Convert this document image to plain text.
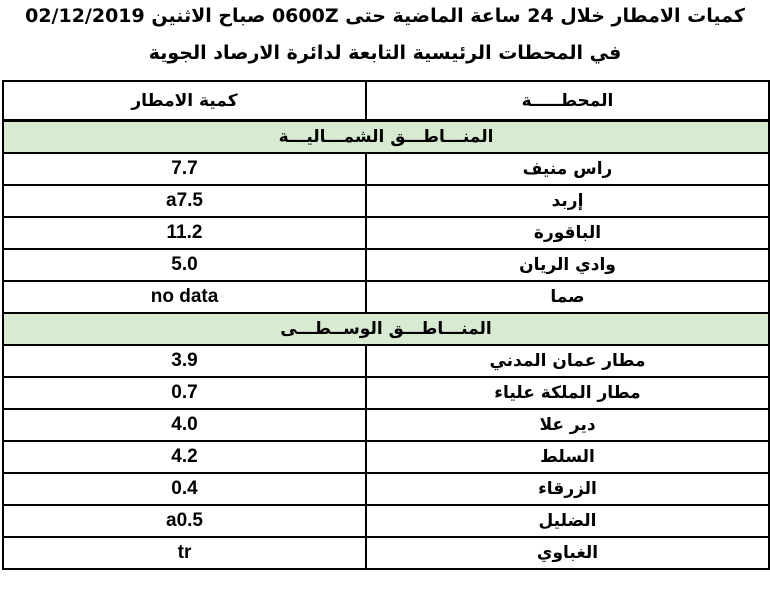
كميات الامطار خلال 24 ساعة الماضية حتى 0600Z صباح الاثنين 02/12/2019
في المحطات الرئيسية التابعة لدائرة الارصاد الجوية
كمية الامطار	المحطـــــة
المنـــاطـــق الشمـــاليـــة	
7.7	راس منيف
a7.5	إربد
11.2	الباقورة
5.0	وادي الريان
no data	صما
المنـــاطـــق الوســطـــى	
3.9	مطار عمان المدني
0.7	مطار الملكة علياء
4.0	دير علا
4.2	السلط
0.4	الزرقاء
a0.5	الضليل
tr	الغباوي
